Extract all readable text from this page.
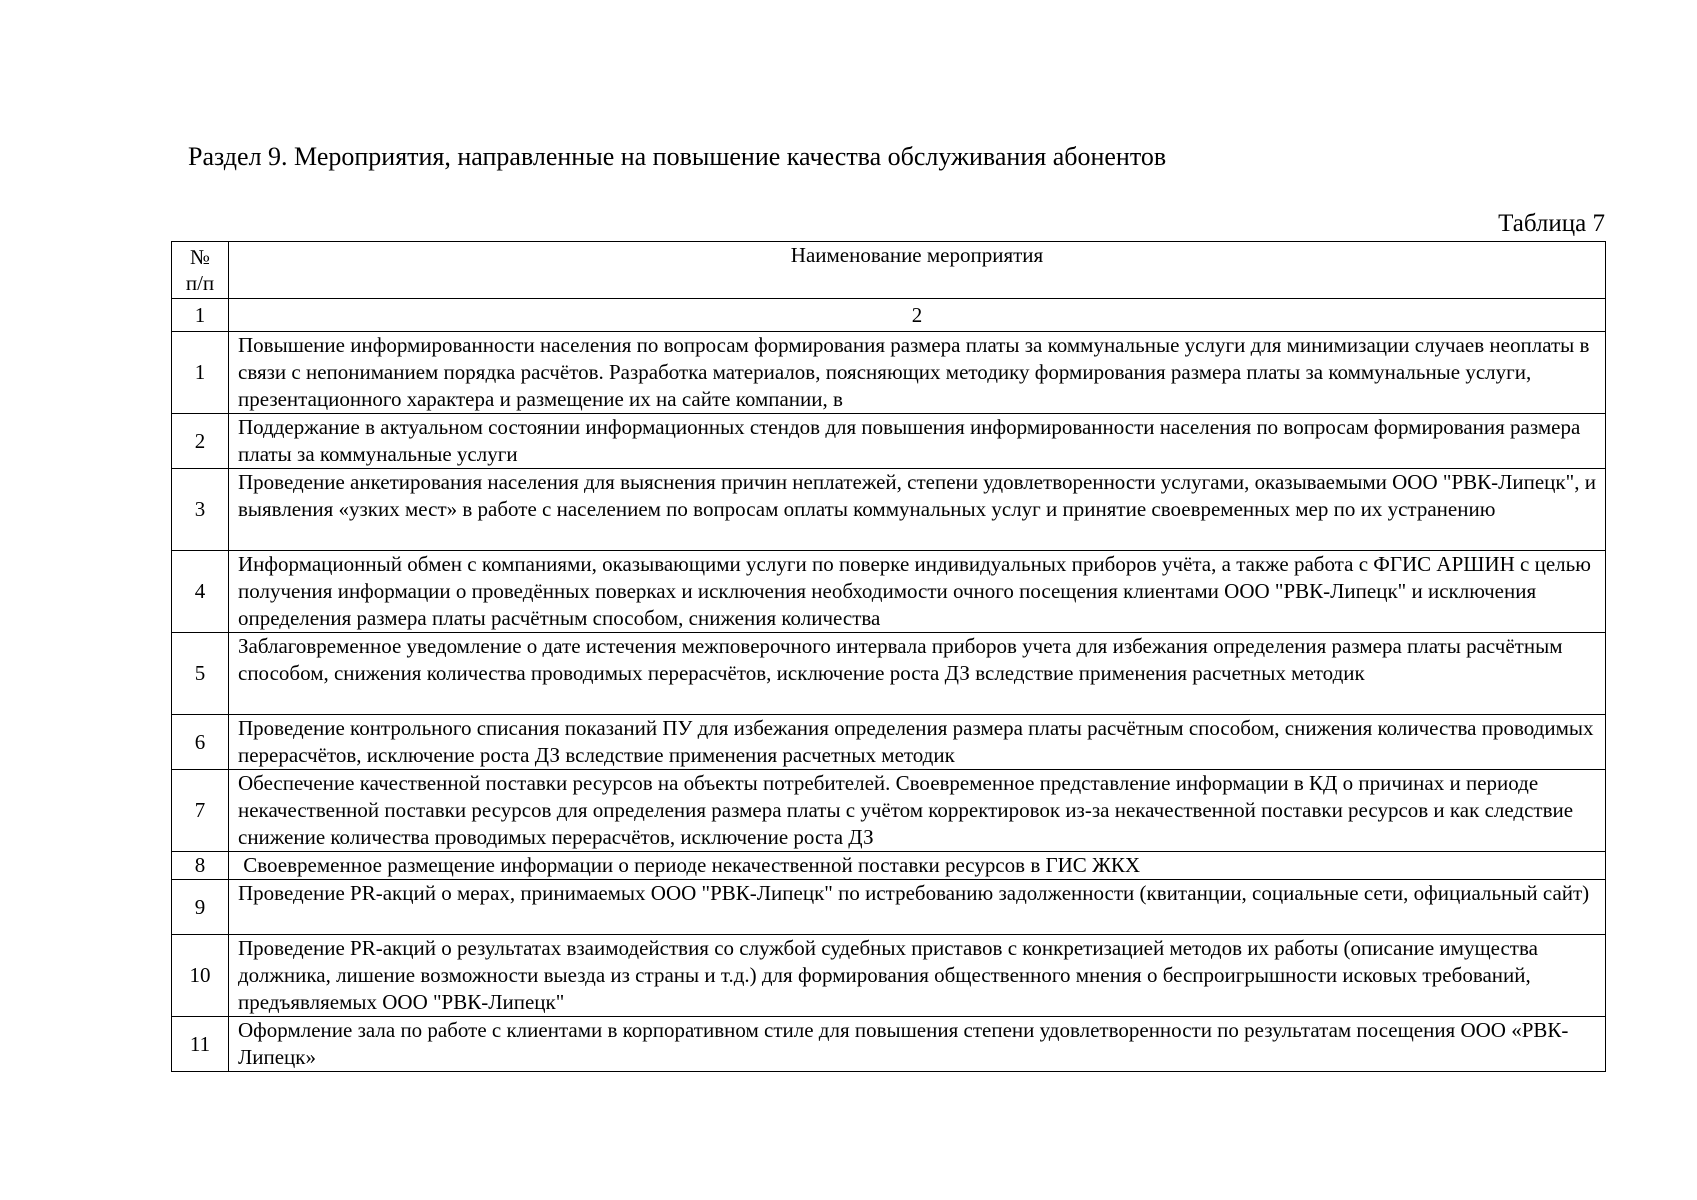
Раздел 9. Мероприятия, направленные на повышение качества обслуживания абонентов
Таблица 7
№
п/п	Наименование мероприятия
1	2
1	Повышение информированности населения по вопросам формирования размера платы за коммунальные услуги для минимизации случаев неоплаты в связи с непониманием порядка расчётов. Разработка материалов, поясняющих методику формирования размера платы за коммунальные услуги, презентационного характера и размещение их на сайте компании, в

2	Поддержание в актуальном состоянии информационных стендов для повышения информированности населения по вопросам формирования размера платы за коммунальные услуги

3	Проведение анкетирования населения для выяснения причин неплатежей, степени удовлетворенности услугами, оказываемыми ООО "РВК-Липецк", и выявления «узких мест» в работе с населением по вопросам оплаты коммунальных услуг и принятие своевременных мер по их устранению

4	Информационный обмен с компаниями, оказывающими услуги по поверке индивидуальных приборов учёта, а также работа с ФГИС АРШИН с целью получения информации о проведённых поверках и исключения необходимости очного посещения клиентами ООО "РВК-Липецк" и исключения определения размера платы расчётным способом, снижения количества

5	Заблаговременное уведомление о дате истечения межповерочного интервала приборов учета для избежания определения размера платы расчётным способом, снижения количества проводимых перерасчётов, исключение роста ДЗ вследствие применения расчетных методик

6	Проведение контрольного списания показаний ПУ для избежания определения размера платы расчётным способом, снижения количества проводимых перерасчётов, исключение роста ДЗ вследствие применения расчетных методик

7	Обеспечение качественной поставки ресурсов на объекты потребителей. Своевременное представление информации в КД о причинах и периоде некачественной поставки ресурсов для определения размера платы с учётом корректировок из-за некачественной поставки ресурсов и как следствие снижение количества проводимых перерасчётов, исключение роста ДЗ

8	Своевременное размещение информации о периоде некачественной поставки ресурсов в ГИС ЖКХ

9	Проведение PR-акций о мерах, принимаемых ООО "РВК-Липецк" по истребованию задолженности (квитанции, социальные сети, официальный сайт)

10	Проведение PR-акций о результатах взаимодействия со службой судебных приставов с конкретизацией методов их работы (описание имущества должника, лишение возможности выезда из страны и т.д.) для формирования общественного мнения о беспроигрышности исковых требований, предъявляемых ООО "РВК-Липецк"

11	Оформление зала по работе с клиентами в корпоративном стиле для повышения степени удовлетворенности по результатам посещения ООО «РВК-Липецк»
